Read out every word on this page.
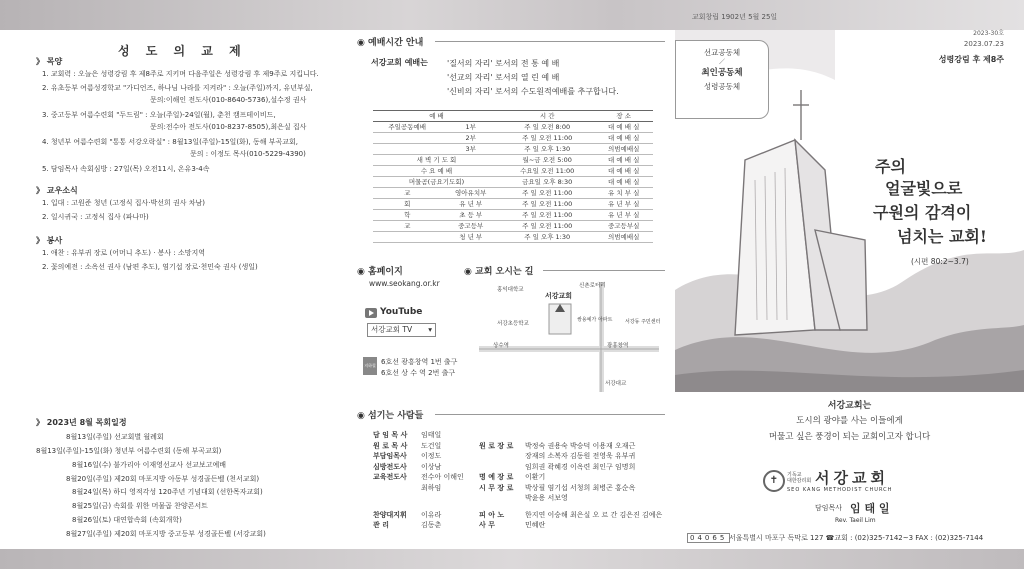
성 도 의 교 제
》 목양
1. 교회력 : 오늘은 성령강림 후 제8주로 지키며 다음주일은 성령강림 후 제9주로 지킵니다.
2. 유초등부 여름성경학교 "가디언즈, 하나님 나라를 지켜라" : 오늘(주일)까지, 유년부실,
문의:이해인 전도사(010-8640-5736),설수정 권사
3. 중고등부 여름수련회 "두드림" : 오늘(주일)-24일(월), 춘천 캠프테이비드,
문의:전수아 전도사(010-8237-8505),최은실 집사
4. 청년부 여름수련회 "통통 서강오락실" : 8월13일(주일)-15일(화), 동해 부곡교회,
문의 : 이정도 목사(010-5229-4390)
5. 담임목사 속회심방 : 27일(목) 오전11시, 온유3-4속
》 교우소식
1. 입대 : 고원준 청년 (고정식 집사·박선희 권사 차남)
2. 일시귀국 : 고정식 집사 (파나마)
》 봉사
1. 애찬 : 유부귀 장로 (어머니 추도) · 봉사 : 소망지역
2. 꽃의예전 : 소옥선 권사 (남편 추도), 염기섭 장로·천민숙 권사 (생일)
》 2023년 8월 목회일정
8월13일(주일) 선교회별 월례회
8월13일(주일)-15일(화) 청년부 여름수련회 (동해 부곡교회)
8월16일(수) 불가리아 이재영선교사 선교보고예배
8월20일(주일) 제20회 마포지방 아동부 성경골든벨 (천서교회)
8월24일(목) 하디 영적각성 120주년 기념대회 (선한목자교회)
8월25일(금) 속회를 위한 머물곱 찬양콘서트
8월26일(토) 대연합속회 (속회개학)
8월27일(주일) 제20회 마포지방 중고등부 성경골든벨 (서강교회)
◉ 예배시간 안내
서강교회 예배는 '질서의 자리' 로서의 전 통 예 배
'선교의 자리' 로서의 열 린 예 배
'신비의 자리' 로서의 수도원적예배를 추구합니다.
예 배		시 간	장 소
주일공동예배	1부	주 일 오전 8:00	대 예 배 실
	2부	주 일 오전 11:00	대 예 배 실
	3부	주 일 오후 1:30	의범예배실
새 벽 기 도 회		월~금 오전 5:00	대 예 배 실
수 요 예 배		수요일 오전 11:00	대 예 배 실
머물곰(금요기도회)		금요일 오후 8:30	대 예 배 실
교	영아유치부	주 일 오전 11:00	유 치 부 실
회	유 년 부	주 일 오전 11:00	유 년 부 실
학	초 등 부	주 일 오전 11:00	유 년 부 실
교	중고등부	주 일 오전 11:00	중고등부실
	청 년 부	주 일 오후 1:30	의범예배실
◉ 홈페이지
www.seokang.or.kr
YouTube
서강교회 TV ▾
지하철 6호선 광흥창역 1번 출구
6호선 상 수 역 2번 출구
◉ 교회 오시는 길
신촌로터리
홍익대학교
서강교회
서강초등학교
쌍용예가 아파트	서강동 주민센터
상수역	광흥창역
서강대교
◉ 섬기는 사람들
담 임 목 사 임태일
원 로 목 사 도건일	원 로 장 로 박정숙 권용숙 박승덕 이용재 오재근
부담임목사 이정도	장재의 소복자 김동원 전영욱 유부귀
심방전도사 이상남	임희권 곽혜경 이옥련 최인구 임명희
교육전도사 전수아 이해인 명 예 장 로 이환기
최하임	시 무 장 로 박상필 염기섭 서청희 최병곤 홍순옥
박윤용 서보영
찬양대지휘 이유라	피 아 노	한지연 이승해 최은실 오 르 간 김은진 김예은
관 리	김동춘	사 무	민혜란
교회창립 1902년 5월 25일
2023-30호
2023.07.23
성령강림 후 제8주
선교공동체
／
최인공동체
성령공동체
주의
얼굴빛으로
구원의 감격이
넘치는 교회!
(시편 80:2~3.7)
서강교회는
도시의 광야를 사는 이들에게
머물고 싶은 풍경이 되는 교회이고자 합니다
✝	기독교
대한감리회 서강교회
SEO KANG METHODIST CHURCH
담임목사 임 태 일
Rev. Taeil Lim
04065 서울특별시 마포구 독막로 127 ☎교회 : (02)325-7142~3 FAX : (02)325-7144
